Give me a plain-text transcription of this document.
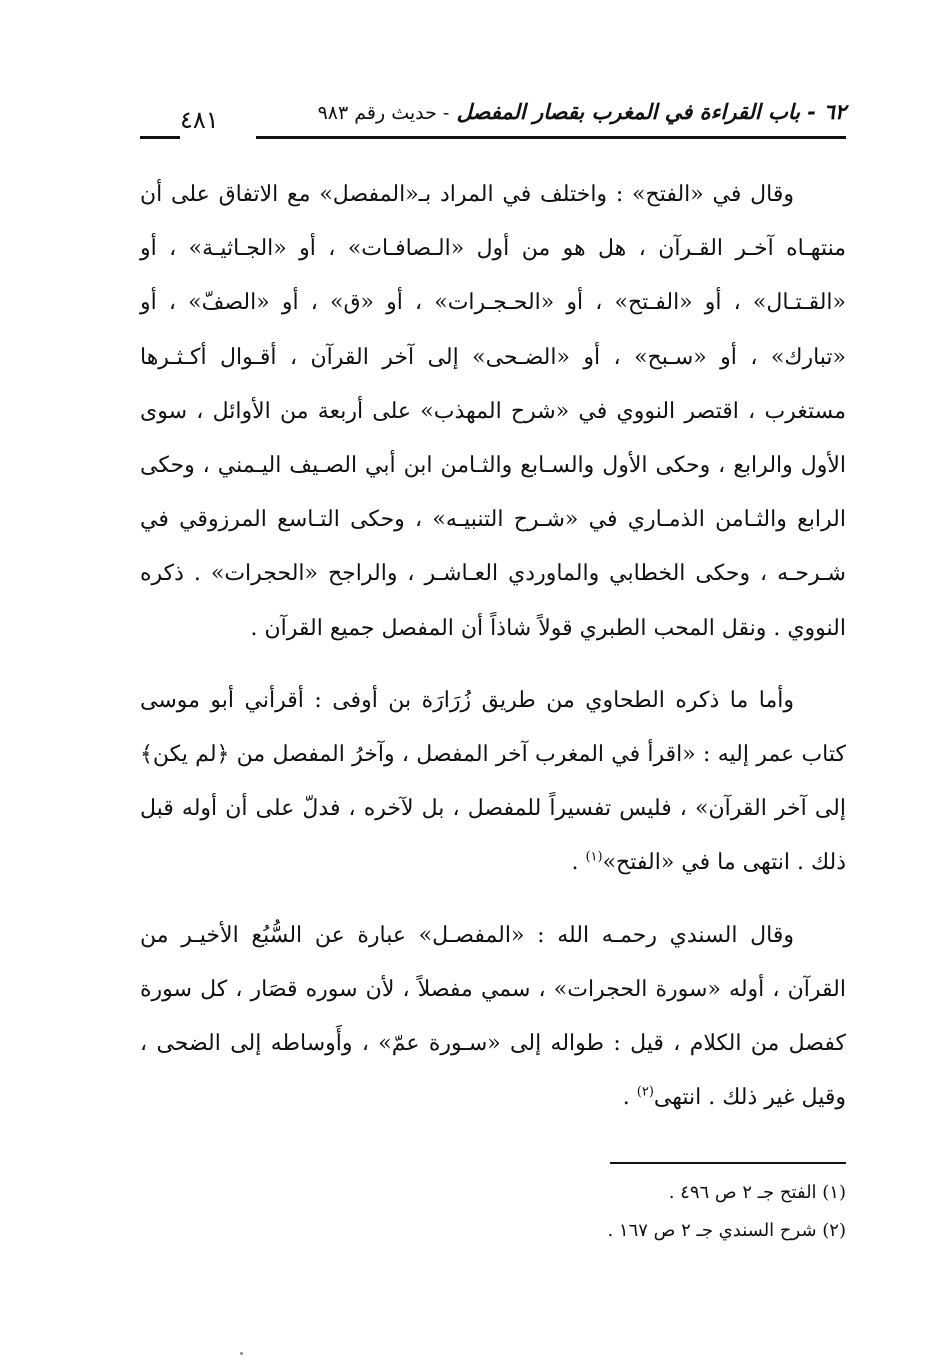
٦٢ - باب القراءة في المغرب بقصار المفصل - حديث رقم ٩٨٣
٤٨١

وقال في «الفتح» : واختلف في المراد بـ«المفصل» مع الاتفاق على أن منتهـاه آخـر القـرآن ، هل هو من أول «الـصافـات» ، أو «الجـاثيـة» ، أو «القـتـال» ، أو «الفـتح» ، أو «الحـجـرات» ، أو «ق» ، أو «الصفّ» ، أو «تبارك» ، أو «سـبح» ، أو «الضـحى» إلى آخر القرآن ، أقـوال أكـثـرها مستغرب ، اقتصر النووي في «شرح المهذب» على أربعة من الأوائل ، سوى الأول والرابع ، وحكى الأول والسـابع والثـامن ابن أبي الصـيف اليـمني ، وحكى الرابع والثـامن الذمـاري في «شـرح التنبيـه» ، وحكى التـاسع المرزوقي في شـرحـه ، وحكى الخطابي والماوردي العـاشـر ، والراجح «الحجرات» . ذكره النووي . ونقل المحب الطبري قولاً شاذاً أن المفصل جميع القرآن .

وأما ما ذكره الطحاوي من طريق زُرَارَة بن أوفى : أقرأني أبو موسى كتاب عمر إليه : «اقرأ في المغرب آخر المفصل ، وآخرُ المفصل من ﴿لم يكن﴾ إلى آخر القرآن» ، فليس تفسيراً للمفصل ، بل لآخره ، فدلّ على أن أوله قبل ذلك . انتهى ما في «الفتح»$^{(١)}$ .

وقال السندي رحمـه الله : «المفصـل» عبارة عن السُّبُع الأخيـر من القرآن ، أوله «سورة الحجرات» ، سمي مفصلاً ، لأن سوره قصَار ، كل سورة كفصل من الكلام ، قيل : طواله إلى «سـورة عمّ» ، وأَوساطه إلى الضحى ، وقيل غير ذلك . انتهى$^{(٢)}$ .

(١) الفتح جـ ٢ ص ٤٩٦ .
(٢) شرح السندي جـ ٢ ص ١٦٧ .
